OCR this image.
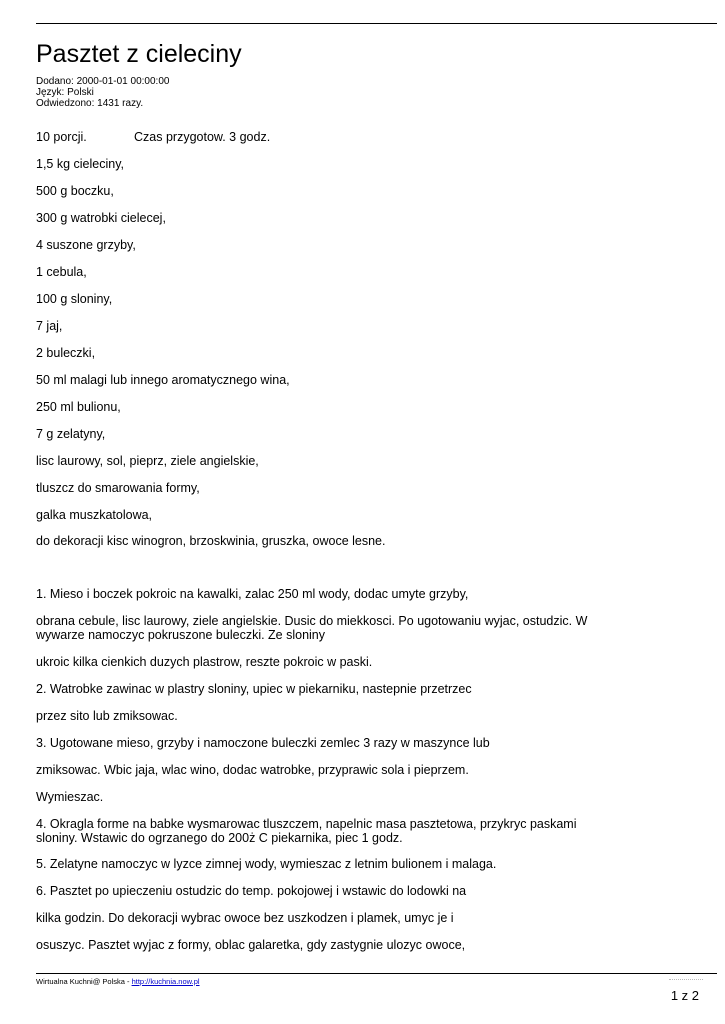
Pasztet z cieleciny
Dodano: 2000-01-01 00:00:00
Język: Polski
Odwiedzono: 1431 razy.
10 porcji.	Czas przygotow. 3 godz.
1,5 kg cieleciny,
500 g boczku,
300 g watrobki cielecej,
4 suszone grzyby,
1 cebula,
100 g sloniny,
7 jaj,
2 buleczki,
50 ml malagi lub innego aromatycznego wina,
250 ml bulionu,
7 g zelatyny,
lisc laurowy, sol, pieprz, ziele angielskie,
tluszcz do smarowania formy,
galka muszkatolowa,
do dekoracji kisc winogron, brzoskwinia, gruszka, owoce lesne.
1. Mieso i boczek pokroic na kawalki, zalac 250 ml wody, dodac umyte grzyby,
obrana cebule, lisc laurowy, ziele angielskie. Dusic do miekkosci. Po ugotowaniu wyjac, ostudzic. W
wywarze namoczyc pokruszone buleczki. Ze sloniny
ukroic kilka cienkich duzych plastrow, reszte pokroic w paski.
2. Watrobke zawinac w plastry sloniny, upiec w piekarniku, nastepnie przetrzec
przez sito lub zmiksowac.
3. Ugotowane mieso, grzyby i namoczone buleczki zemlec 3 razy w maszynce lub
zmiksowac. Wbic jaja, wlac wino, dodac watrobke, przyprawic sola i pieprzem.
Wymieszac.
4. Okragla forme na babke wysmarowac tluszczem, napelnic masa pasztetowa, przykryc paskami
sloniny. Wstawic do ogrzanego do 200ż C piekarnika, piec 1 godz.
5. Zelatyne namoczyc w lyzce zimnej wody, wymieszac z letnim bulionem i malaga.
6. Pasztet po upieczeniu ostudzic do temp. pokojowej i wstawic do lodowki na
kilka godzin. Do dekoracji wybrac owoce bez uszkodzen i plamek, umyc je i
osuszyc. Pasztet wyjac z formy, oblac galaretka, gdy zastygnie ulozyc owoce,
Wirtualna Kuchni@ Polska - http://kuchnia.now.pl
1 z 2
